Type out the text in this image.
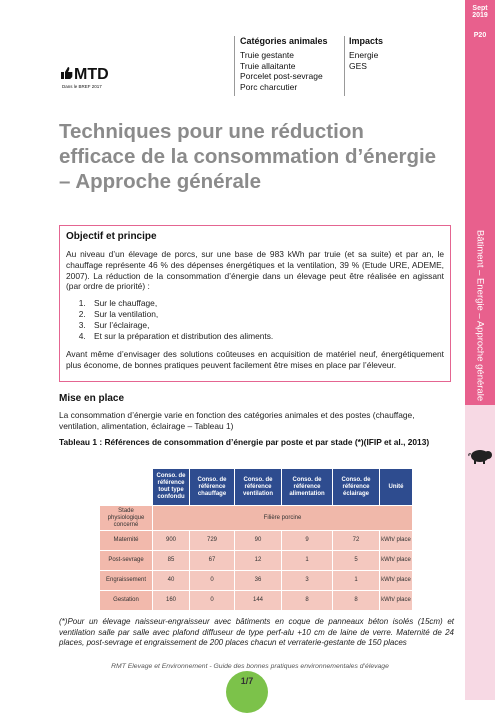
Sept 2019
P20
Bâtiment – Energie – Approche générale
MTD
Dans le BREF 2017
Catégories animales
Truie gestante
Truie allaitante
Porcelet post-sevrage
Porc charcutier
Impacts
Energie
GES
Techniques pour une réduction efficace de la consommation d’énergie – Approche générale
Objectif et principe

Au niveau d’un élevage de porcs, sur une base de 983 kWh par truie (et sa suite) et par an, le chauffage représente 46 % des dépenses énergétiques et la ventilation, 39 % (Etude URE, ADEME, 2007). La réduction de la consommation d’énergie dans un élevage peut être réalisée en agissant (par ordre de priorité) :

1. Sur le chauffage,
2. Sur la ventilation,
3. Sur l’éclairage,
4. Et sur la préparation et distribution des aliments.

Avant même d’envisager des solutions coûteuses en acquisition de matériel neuf, énergétiquement plus économe, de bonnes pratiques peuvent facilement être mises en place par l’éleveur.

Mise en place
La consommation d’énergie varie en fonction des catégories animales et des postes (chauffage, ventilation, alimentation, éclairage – Tableau 1)
Tableau 1 : Références de consommation d’énergie par poste et par stade (*)(IFIP et al., 2013)
	Conso. de référence tout type confondu	Conso. de référence chauffage	Conso. de référence ventilation	Conso. de référence alimentation	Conso. de référence éclairage	Unité
Stade physiologique concerné	Filière porcine					
Maternité	900	729	90	9	72	kWh/ place
Post-sevrage	85	67	12	1	5	kWh/ place
Engraissement	40	0	36	3	1	kWh/ place
Gestation	160	0	144	8	8	kWh/ place
(*)Pour un élevage naisseur-engraisseur avec bâtiments en coque de panneaux béton isolés (15cm) et ventilation salle par salle avec plafond diffuseur de type perf-alu +10 cm de laine de verre. Maternité de 24 places, post-sevrage et engraissement de 200 places chacun et verraterie-gestante de 150 places
RMT Elevage et Environnement - Guide des bonnes pratiques environnementales d’élevage
1/7
